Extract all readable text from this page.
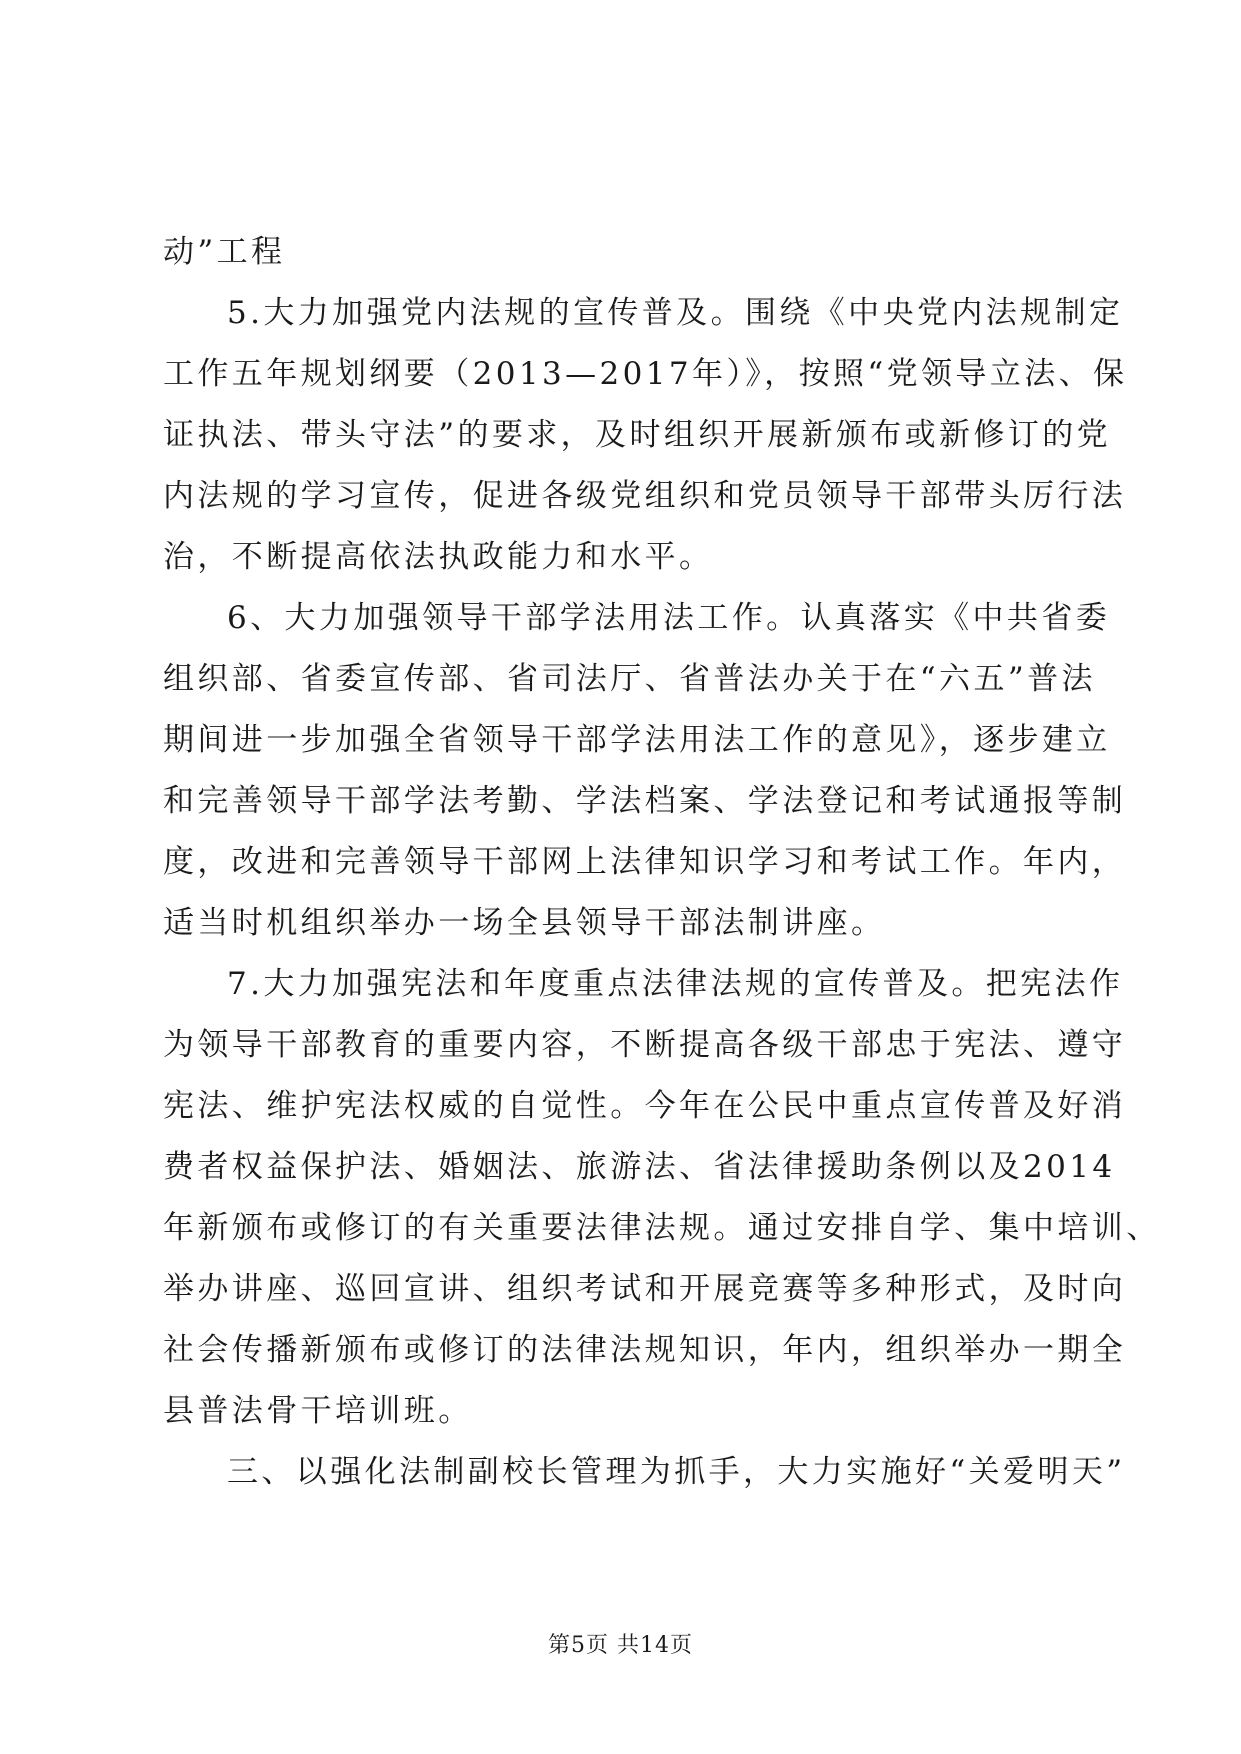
动”工程
5.大力加强党内法规的宣传普及。围绕《中央党内法规制定
工作五年规划纲要（2013—2017年）》，按照“党领导立法、保
证执法、带头守法”的要求，及时组织开展新颁布或新修订的党
内法规的学习宣传，促进各级党组织和党员领导干部带头厉行法
治，不断提高依法执政能力和水平。
6、大力加强领导干部学法用法工作。认真落实《中共省委
组织部、省委宣传部、省司法厅、省普法办关于在“六五”普法
期间进一步加强全省领导干部学法用法工作的意见》，逐步建立
和完善领导干部学法考勤、学法档案、学法登记和考试通报等制
度，改进和完善领导干部网上法律知识学习和考试工作。年内，
适当时机组织举办一场全县领导干部法制讲座。
7.大力加强宪法和年度重点法律法规的宣传普及。把宪法作
为领导干部教育的重要内容，不断提高各级干部忠于宪法、遵守
宪法、维护宪法权威的自觉性。今年在公民中重点宣传普及好消
费者权益保护法、婚姻法、旅游法、省法律援助条例以及2014
年新颁布或修订的有关重要法律法规。通过安排自学、集中培训、
举办讲座、巡回宣讲、组织考试和开展竞赛等多种形式，及时向
社会传播新颁布或修订的法律法规知识，年内，组织举办一期全
县普法骨干培训班。
三、以强化法制副校长管理为抓手，大力实施好“关爱明天”
第5页 共14页
